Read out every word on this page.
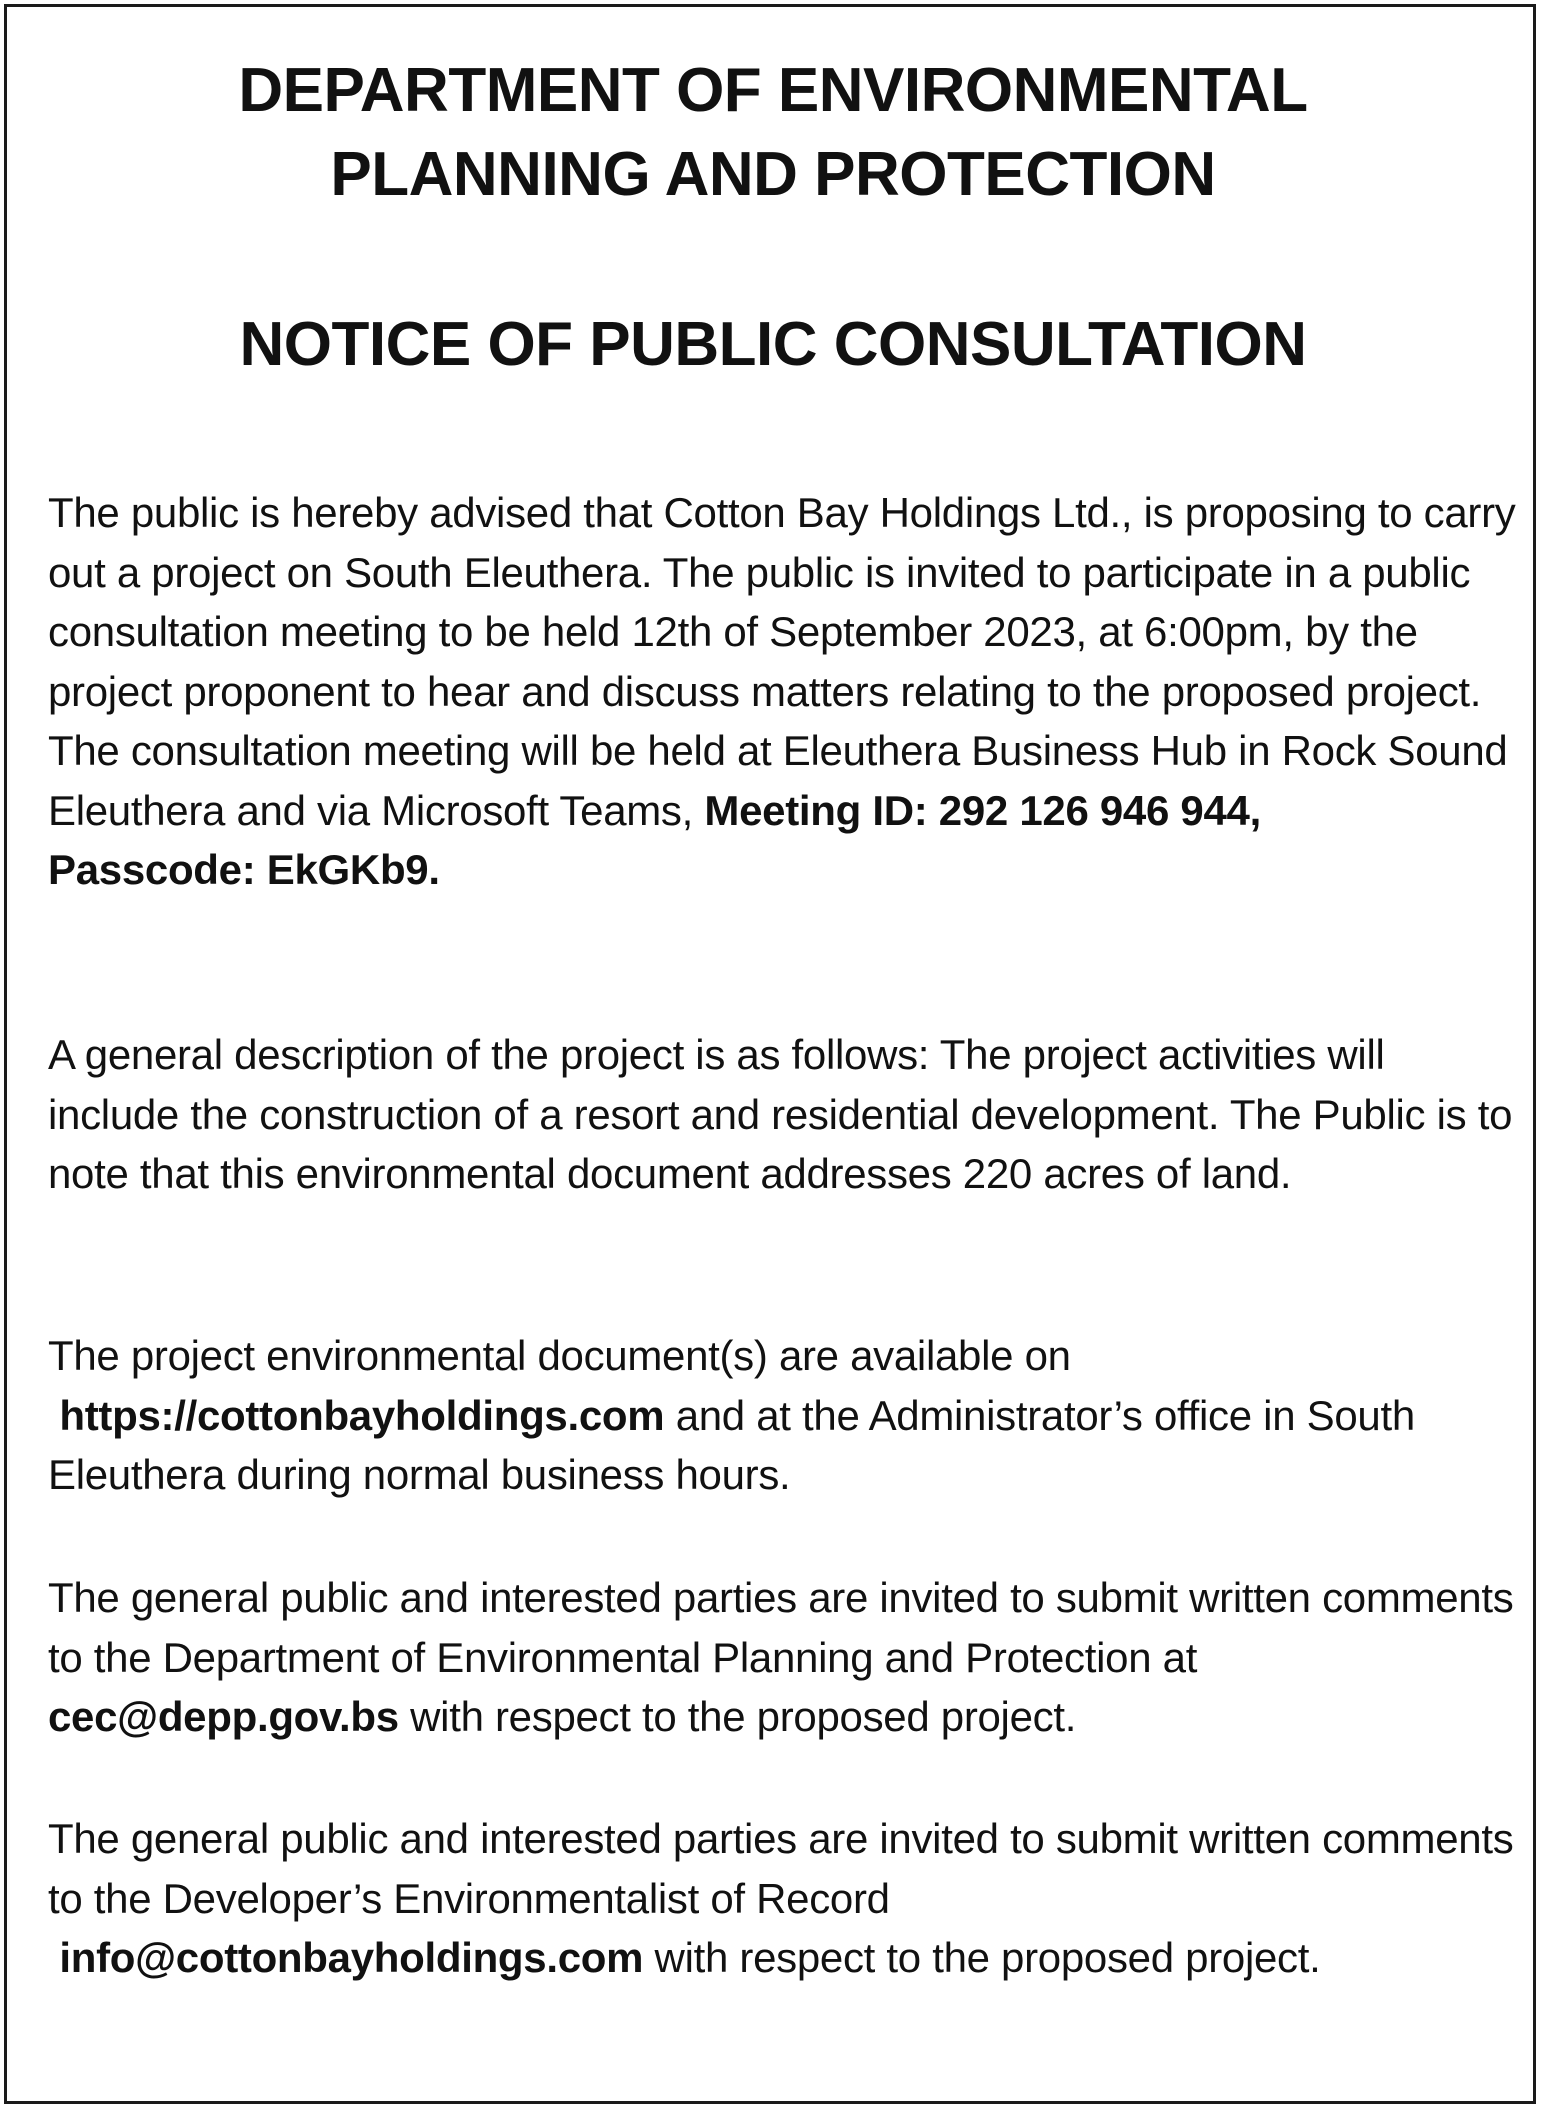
DEPARTMENT OF ENVIRONMENTAL
PLANNING AND PROTECTION
NOTICE OF PUBLIC CONSULTATION

The public is hereby advised that Cotton Bay Holdings Ltd., is proposing to carry out a project on South Eleuthera. The public is invited to participate in a public consultation meeting to be held 12th of September 2023, at 6:00pm, by the project proponent to hear and discuss matters relating to the proposed project. The consultation meeting will be held at Eleuthera Business Hub in Rock Sound Eleuthera and via Microsoft Teams, Meeting ID: 292 126 946 944,
Passcode: EkGKb9.

A general description of the project is as follows: The project activities will include the construction of a resort and residential development. The Public is to note that this environmental document addresses 220 acres of land.

The project environmental document(s) are available on
https://cottonbayholdings.com and at the Administrator’s office in South Eleuthera during normal business hours.

The general public and interested parties are invited to submit written comments to the Department of Environmental Planning and Protection at cec@depp.gov.bs with respect to the proposed project.

The general public and interested parties are invited to submit written comments to the Developer’s Environmentalist of Record
info@cottonbayholdings.com with respect to the proposed project.
